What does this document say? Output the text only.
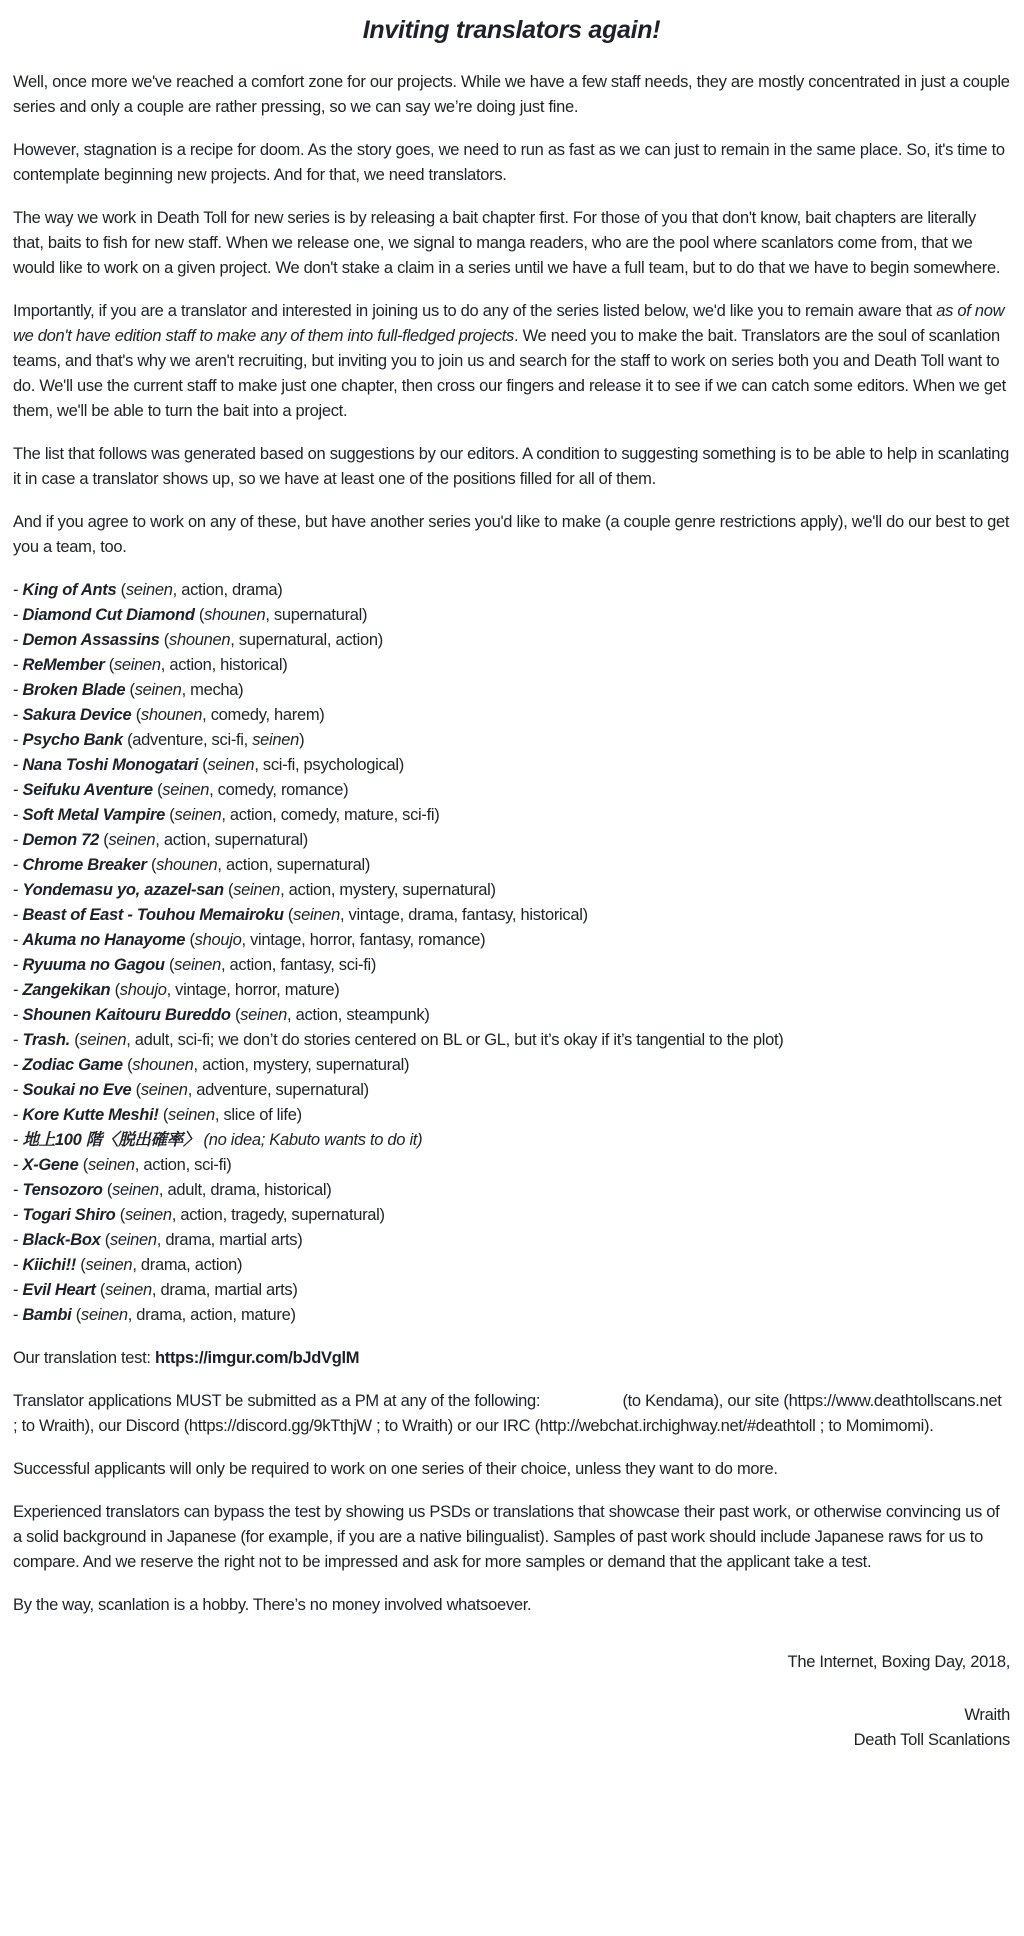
Inviting translators again!
Well, once more we've reached a comfort zone for our projects. While we have a few staff needs, they are mostly concentrated in just a couple series and only a couple are rather pressing, so we can say we’re doing just fine.
However, stagnation is a recipe for doom. As the story goes, we need to run as fast as we can just to remain in the same place. So, it's time to contemplate beginning new projects. And for that, we need translators.
The way we work in Death Toll for new series is by releasing a bait chapter first. For those of you that don't know, bait chapters are literally that, baits to fish for new staff. When we release one, we signal to manga readers, who are the pool where scanlators come from, that we would like to work on a given project. We don't stake a claim in a series until we have a full team, but to do that we have to begin somewhere.
Importantly, if you are a translator and interested in joining us to do any of the series listed below, we'd like you to remain aware that as of now we don't have edition staff to make any of them into full-fledged projects. We need you to make the bait. Translators are the soul of scanlation teams, and that's why we aren't recruiting, but inviting you to join us and search for the staff to work on series both you and Death Toll want to do. We'll use the current staff to make just one chapter, then cross our fingers and release it to see if we can catch some editors. When we get them, we'll be able to turn the bait into a project.
The list that follows was generated based on suggestions by our editors. A condition to suggesting something is to be able to help in scanlating it in case a translator shows up, so we have at least one of the positions filled for all of them.
And if you agree to work on any of these, but have another series you'd like to make (a couple genre restrictions apply), we'll do our best to get you a team, too.
- King of Ants (seinen, action, drama)
- Diamond Cut Diamond (shounen, supernatural)
- Demon Assassins (shounen, supernatural, action)
- ReMember (seinen, action, historical)
- Broken Blade (seinen, mecha)
- Sakura Device (shounen, comedy, harem)
- Psycho Bank (adventure, sci-fi, seinen)
- Nana Toshi Monogatari (seinen, sci-fi, psychological)
- Seifuku Aventure (seinen, comedy, romance)
- Soft Metal Vampire (seinen, action, comedy, mature, sci-fi)
- Demon 72 (seinen, action, supernatural)
- Chrome Breaker (shounen, action, supernatural)
- Yondemasu yo, azazel-san (seinen, action, mystery, supernatural)
- Beast of East - Touhou Memairoku (seinen, vintage, drama, fantasy, historical)
- Akuma no Hanayome (shoujo, vintage, horror, fantasy, romance)
- Ryuuma no Gagou (seinen, action, fantasy, sci-fi)
- Zangekikan (shoujo, vintage, horror, mature)
- Shounen Kaitouru Bureddo (seinen, action, steampunk)
- Trash. (seinen, adult, sci-fi; we don’t do stories centered on BL or GL, but it’s okay if it’s tangential to the plot)
- Zodiac Game (shounen, action, mystery, supernatural)
- Soukai no Eve (seinen, adventure, supernatural)
- Kore Kutte Meshi! (seinen, slice of life)
- 地上100 階〈脱出確率〉 (no idea; Kabuto wants to do it)
- X-Gene (seinen, action, sci-fi)
- Tensozoro (seinen, adult, drama, historical)
- Togari Shiro (seinen, action, tragedy, supernatural)
- Black-Box (seinen, drama, martial arts)
- Kiichi!! (seinen, drama, action)
- Evil Heart (seinen, drama, martial arts)
- Bambi (seinen, drama, action, mature)
Our translation test: https://imgur.com/bJdVglM
Translator applications MUST be submitted as a PM at any of the following:	(to Kendama), our site (https://www.deathtollscans.net ; to Wraith), our Discord (https://discord.gg/9kTthjW ; to Wraith) or our IRC (http://webchat.irchighway.net/#deathtoll ; to Momimomi).
Successful applicants will only be required to work on one series of their choice, unless they want to do more.
Experienced translators can bypass the test by showing us PSDs or translations that showcase their past work, or otherwise convincing us of a solid background in Japanese (for example, if you are a native bilingualist). Samples of past work should include Japanese raws for us to compare. And we reserve the right not to be impressed and ask for more samples or demand that the applicant take a test.
By the way, scanlation is a hobby. There’s no money involved whatsoever.
The Internet, Boxing Day, 2018,
Wraith
Death Toll Scanlations
